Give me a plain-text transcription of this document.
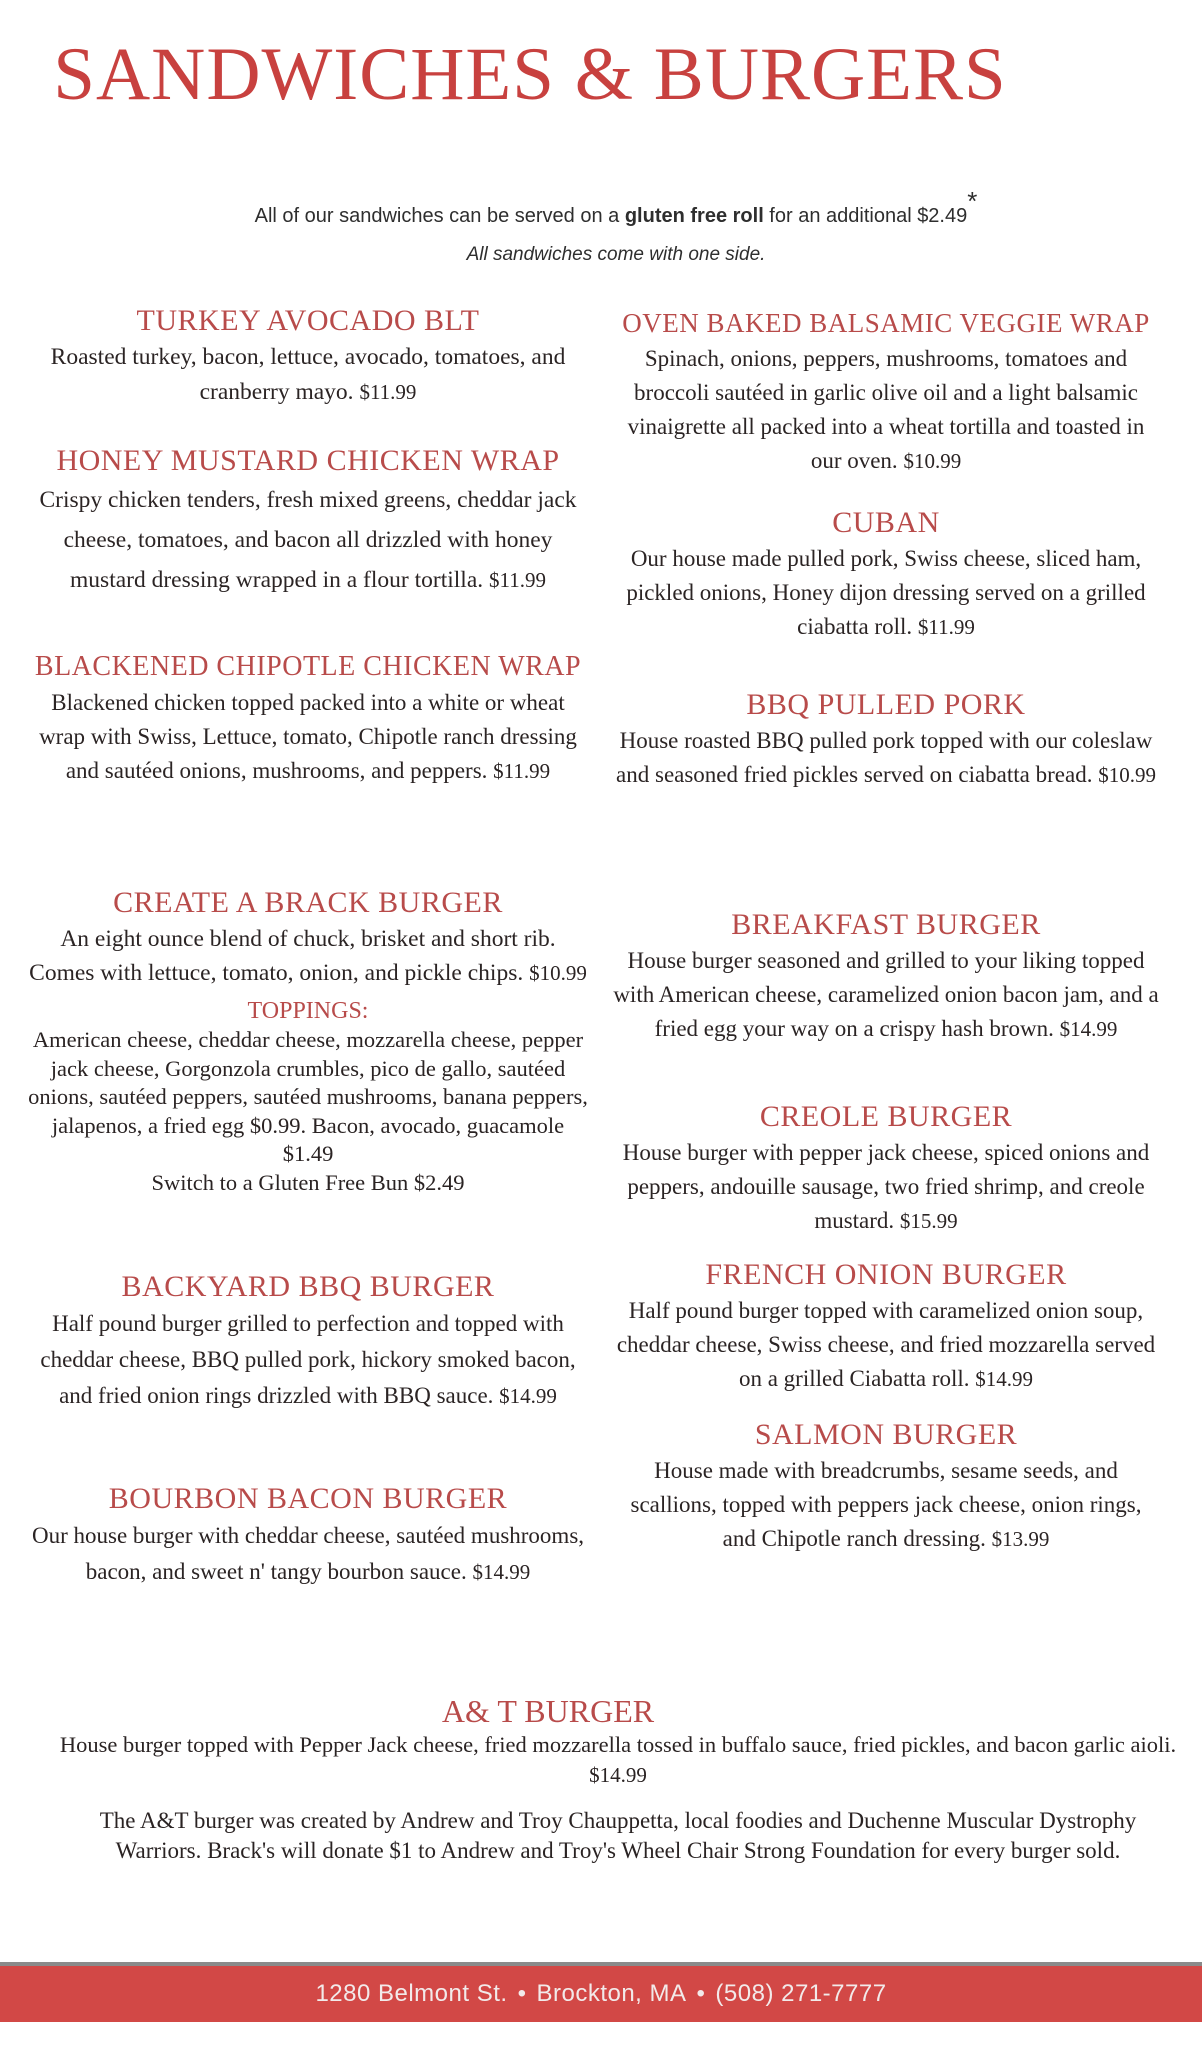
SANDWICHES & BURGERS
All of our sandwiches can be served on a gluten free roll for an additional $2.49*
All sandwiches come with one side.
TURKEY AVOCADO BLT
Roasted turkey, bacon, lettuce, avocado, tomatoes, and cranberry mayo. $11.99
HONEY MUSTARD CHICKEN WRAP
Crispy chicken tenders, fresh mixed greens, cheddar jack cheese, tomatoes, and bacon all drizzled with honey mustard dressing wrapped in a flour tortilla. $11.99
BLACKENED CHIPOTLE CHICKEN WRAP
Blackened chicken topped packed into a white or wheat wrap with Swiss, Lettuce, tomato, Chipotle ranch dressing and sautéed onions, mushrooms, and peppers. $11.99
CREATE A BRACK BURGER
An eight ounce blend of chuck, brisket and short rib. Comes with lettuce, tomato, onion, and pickle chips. $10.99
TOPPINGS:
American cheese, cheddar cheese, mozzarella cheese, pepper jack cheese, Gorgonzola crumbles, pico de gallo, sautéed onions, sautéed peppers, sautéed mushrooms, banana peppers, jalapenos, a fried egg $0.99. Bacon, avocado, guacamole $1.49
Switch to a Gluten Free Bun $2.49
BACKYARD BBQ BURGER
Half pound burger grilled to perfection and topped with cheddar cheese, BBQ pulled pork, hickory smoked bacon, and fried onion rings drizzled with BBQ sauce. $14.99
BOURBON BACON BURGER
Our house burger with cheddar cheese, sautéed mushrooms, bacon, and sweet n' tangy bourbon sauce. $14.99
OVEN BAKED BALSAMIC VEGGIE WRAP
Spinach, onions, peppers, mushrooms, tomatoes and broccoli sautéed in garlic olive oil and a light balsamic vinaigrette all packed into a wheat tortilla and toasted in our oven. $10.99
CUBAN
Our house made pulled pork, Swiss cheese, sliced ham, pickled onions, Honey dijon dressing served on a grilled ciabatta roll. $11.99
BBQ PULLED PORK
House roasted BBQ pulled pork topped with our coleslaw and seasoned fried pickles served on ciabatta bread. $10.99
BREAKFAST BURGER
House burger seasoned and grilled to your liking topped with American cheese, caramelized onion bacon jam, and a fried egg your way on a crispy hash brown. $14.99
CREOLE BURGER
House burger with pepper jack cheese, spiced onions and peppers, andouille sausage, two fried shrimp, and creole mustard. $15.99
FRENCH ONION BURGER
Half pound burger topped with caramelized onion soup, cheddar cheese, Swiss cheese, and fried mozzarella served on a grilled Ciabatta roll. $14.99
SALMON BURGER
House made with breadcrumbs, sesame seeds, and scallions, topped with peppers jack cheese, onion rings, and Chipotle ranch dressing. $13.99
A& T BURGER
House burger topped with Pepper Jack cheese, fried mozzarella tossed in buffalo sauce, fried pickles, and bacon garlic aioli. $14.99
The A&T burger was created by Andrew and Troy Chauppetta, local foodies and Duchenne Muscular Dystrophy Warriors. Brack's will donate $1 to Andrew and Troy's Wheel Chair Strong Foundation for every burger sold.
1280 Belmont St. • Brockton, MA • (508) 271-7777
